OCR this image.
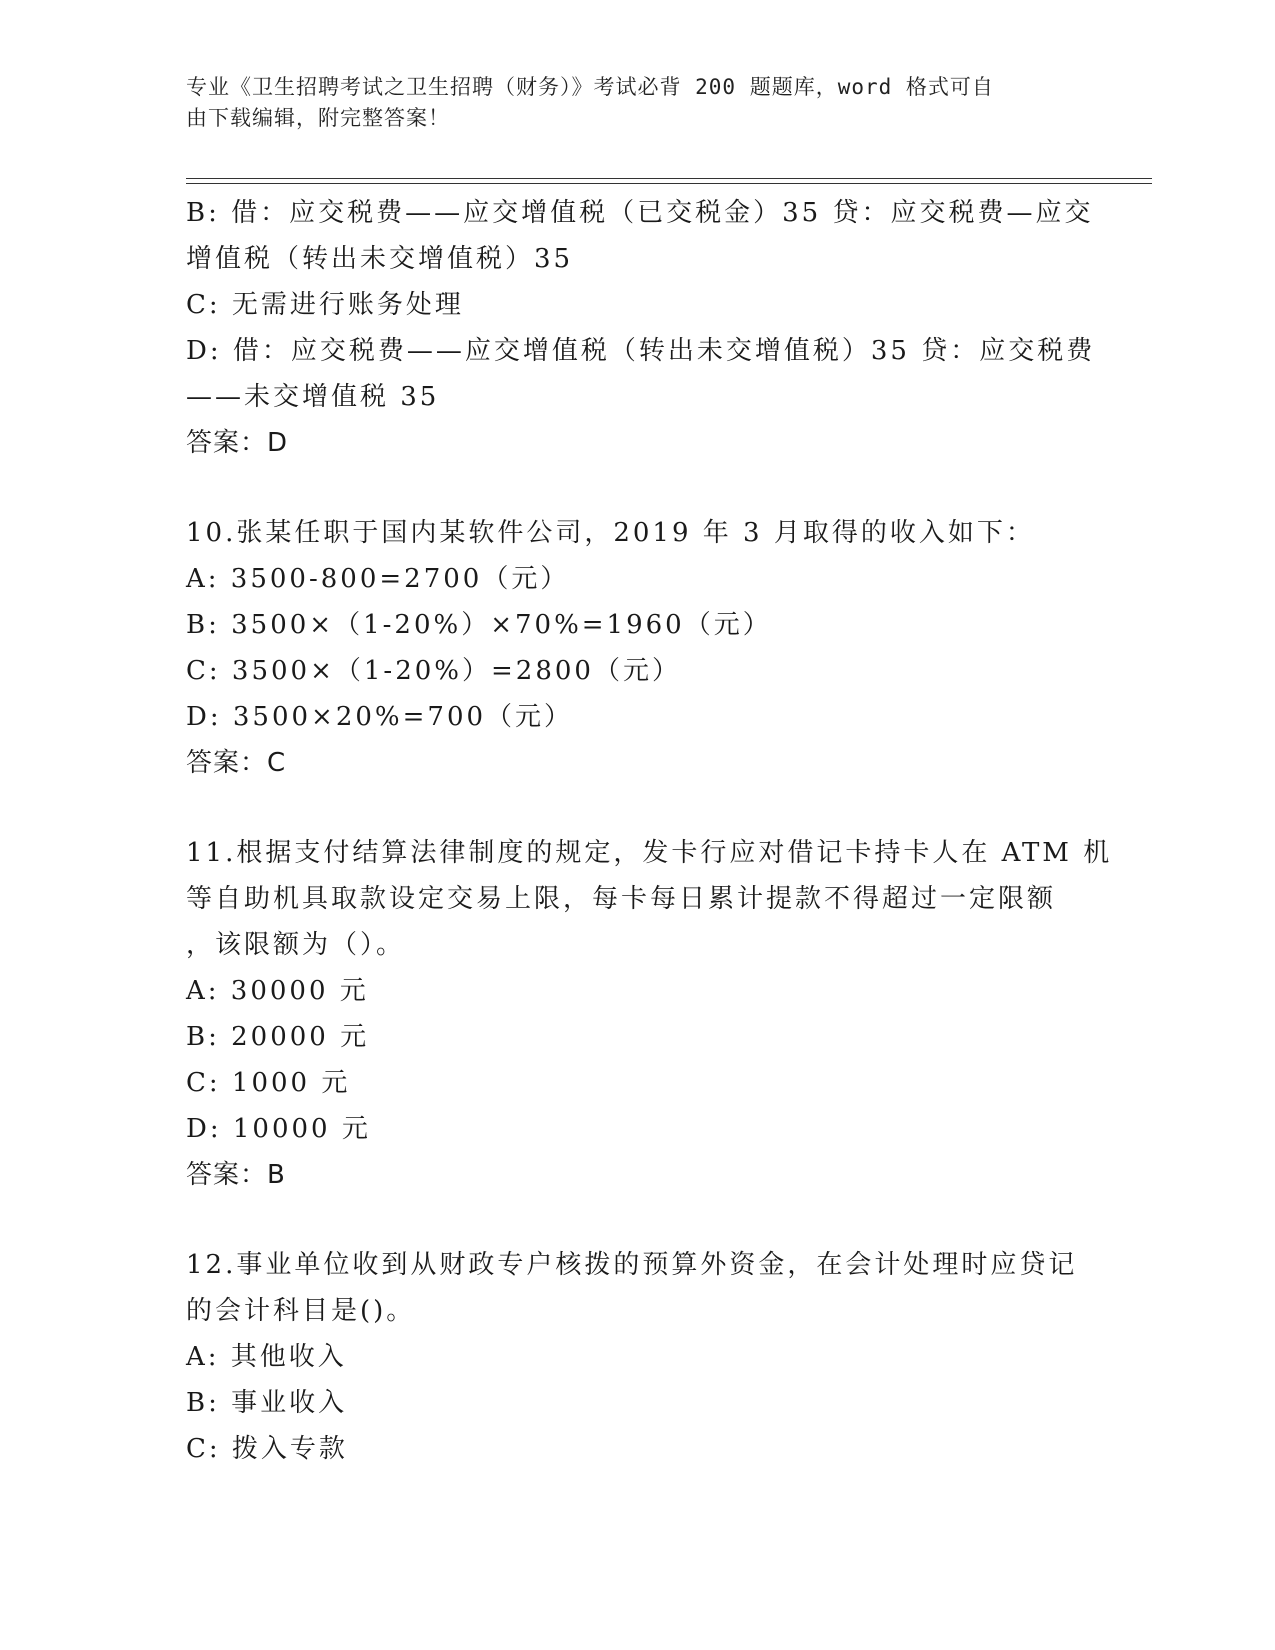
专业《卫生招聘考试之卫生招聘（财务）》考试必背 200 题题库，word 格式可自
由下载编辑，附完整答案！
B: 借：应交税费——应交增值税（已交税金）35 贷：应交税费—应交
增值税（转出未交增值税）35
C: 无需进行账务处理
D: 借：应交税费——应交增值税（转出未交增值税）35 贷：应交税费
——未交增值税 35
答案：D
10.张某任职于国内某软件公司，2019 年 3 月取得的收入如下：
A: 3500-800=2700（元）
B: 3500×（1-20%）×70%=1960（元）
C: 3500×（1-20%）=2800（元）
D: 3500×20%=700（元）
答案：C
11.根据支付结算法律制度的规定，发卡行应对借记卡持卡人在 ATM 机
等自助机具取款设定交易上限，每卡每日累计提款不得超过一定限额
，该限额为（）。
A: 30000 元
B: 20000 元
C: 1000 元
D: 10000 元
答案：B
12.事业单位收到从财政专户核拨的预算外资金，在会计处理时应贷记
的会计科目是()。
A: 其他收入
B: 事业收入
C: 拨入专款
